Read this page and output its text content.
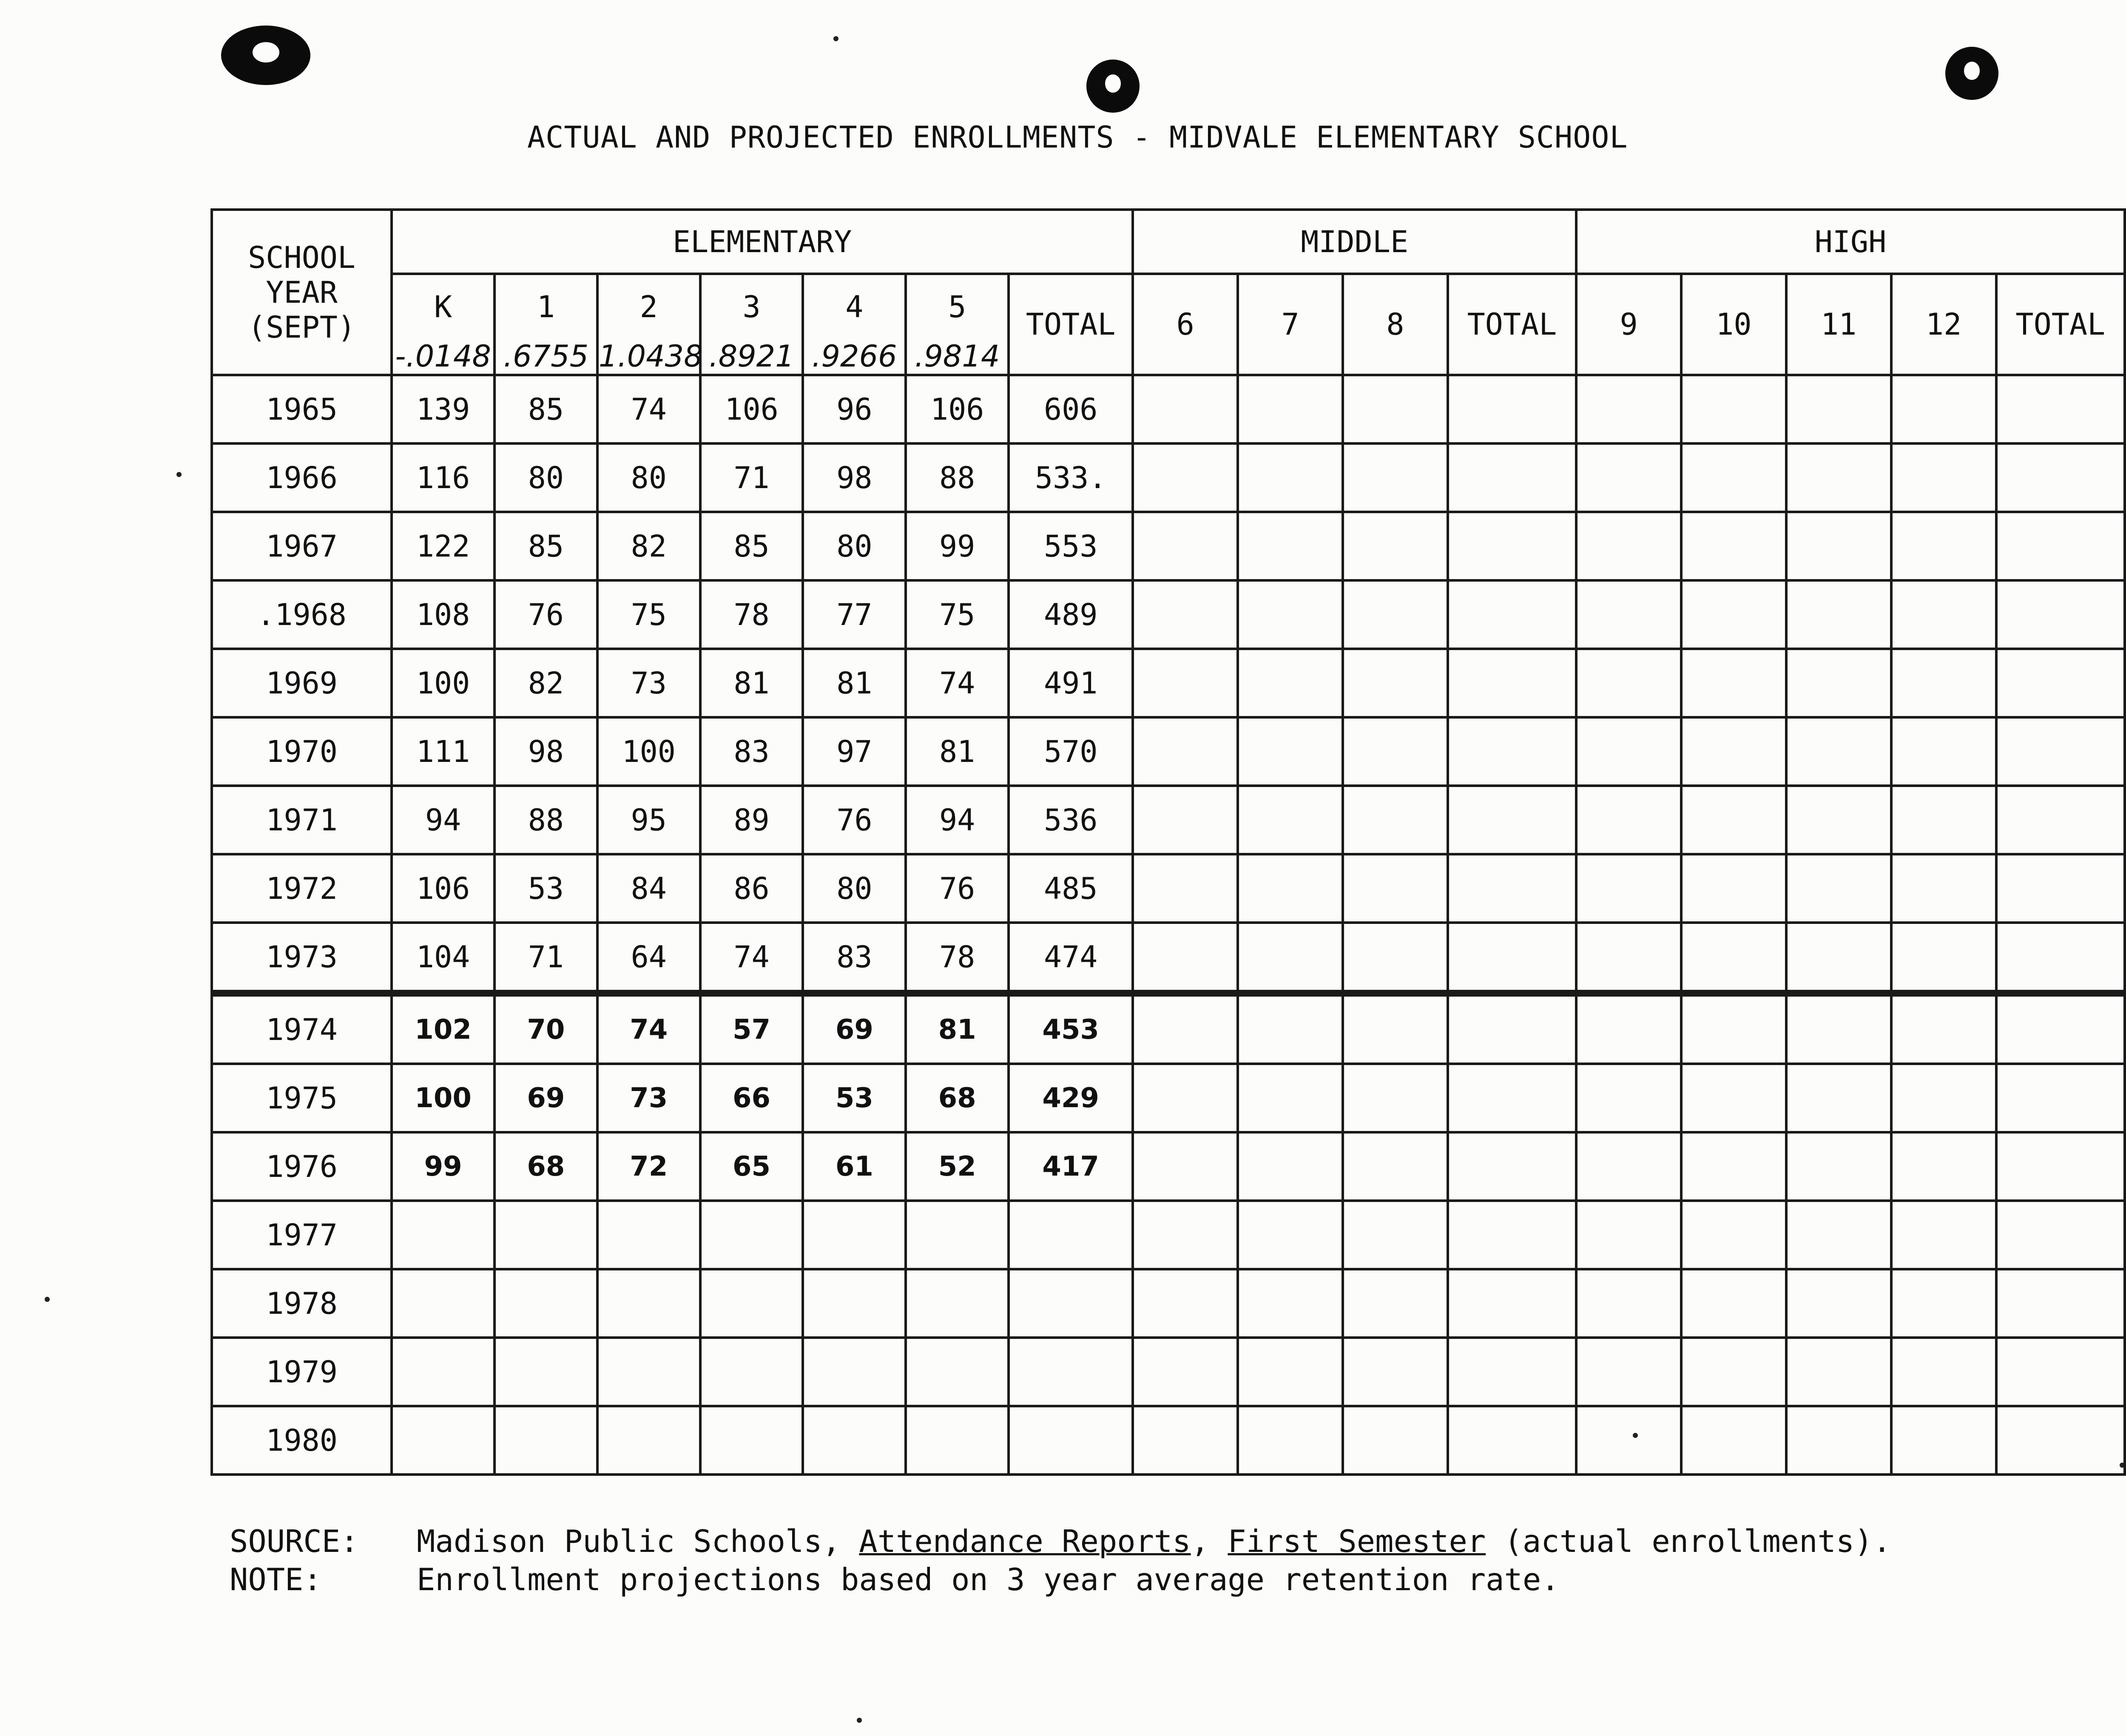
ACTUAL AND PROJECTED ENROLLMENTS - MIDVALE ELEMENTARY SCHOOL
SCHOOL
YEAR
(SEPT)	ELEMENTARY							MIDDLE				HIGH				
	K	1	2	3	4	5	TOTAL	6	7	8	TOTAL	9	10	11	12	TOTAL
	-.0148	.6755	1.0438	.8921	.9266	.9814										
1965	139	85	74	106	96	106	606									
1966	116	80	80	71	98	88	533.									
1967	122	85	82	85	80	99	553									
.1968	108	76	75	78	77	75	489									
1969	100	82	73	81	81	74	491									
1970	111	98	100	83	97	81	570									
1971	94	88	95	89	76	94	536									
1972	106	53	84	86	80	76	485									
1973	104	71	64	74	83	78	474									
1974	102	70	74	57	69	81	453									
1975	100	69	73	66	53	68	429									
1976	99	68	72	65	61	52	417									
1977																
1978																
1979																
1980																
SOURCE:	Madison Public Schools, Attendance Reports, First Semester (actual enrollments).
NOTE:	Enrollment projections based on 3 year average retention rate.
